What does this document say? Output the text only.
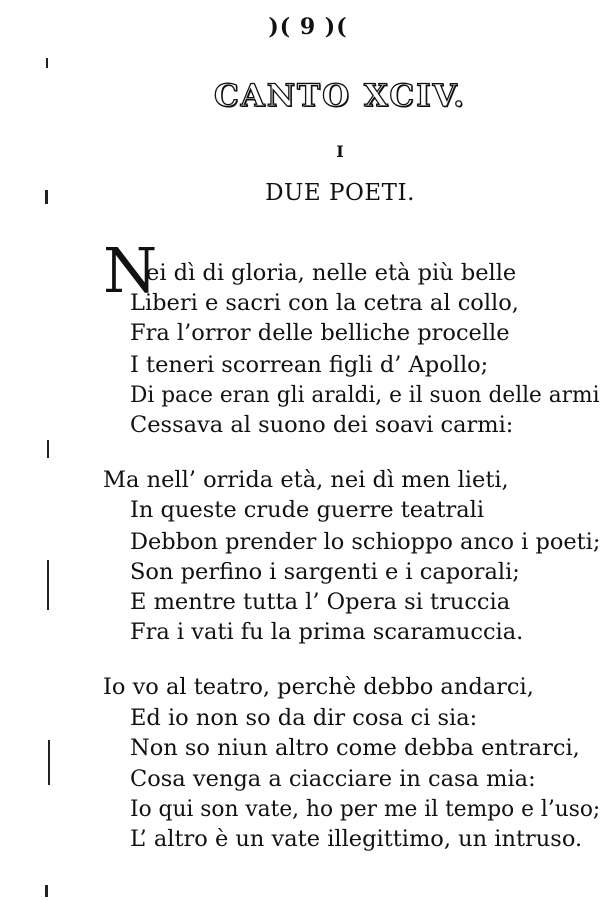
)( 9 )(
CANTO XCIV.
I
DUE POETI.
N
ei dì di gloria, nelle età più belle
Liberi e sacri con la cetra al collo,
Fra l’orror delle belliche procelle
I teneri scorrean figli d’ Apollo;
Di pace eran gli araldi, e il suon delle armi
Cessava al suono dei soavi carmi:
Ma nell’ orrida età, nei dì men lieti,
In queste crude guerre teatrali
Debbon prender lo schioppo anco i poeti;
Son perfino i sargenti e i caporali;
E mentre tutta l’ Opera si truccia
Fra i vati fu la prima scaramuccia.
Io vo al teatro, perchè debbo andarci,
Ed io non so da dir cosa ci sia:
Non so niun altro come debba entrarci,
Cosa venga a ciacciare in casa mia:
Io qui son vate, ho per me il tempo e l’uso;
L’ altro è un vate illegittimo, un intruso.
